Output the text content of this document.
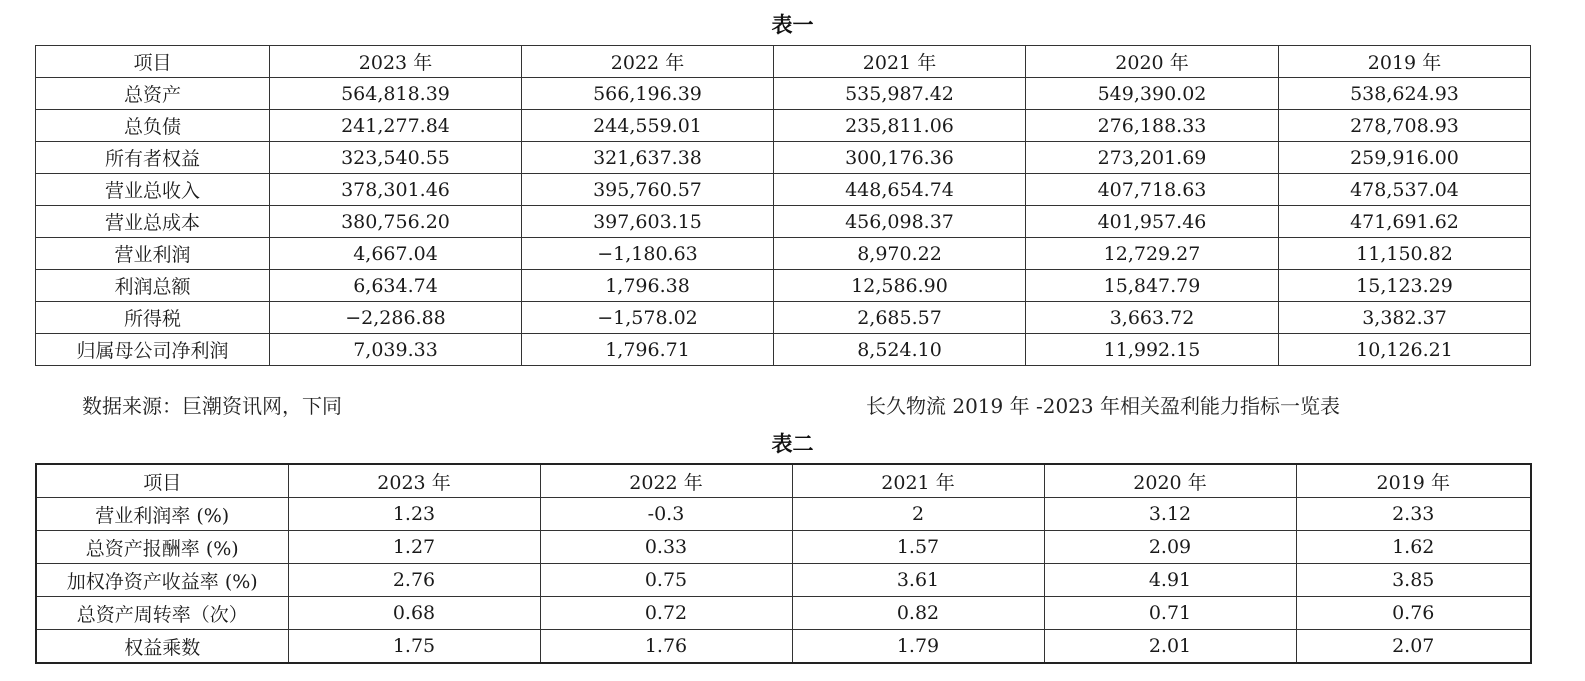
表一
项目	2023 年	2022 年	2021 年	2020 年	2019 年
总资产	564,818.39	566,196.39	535,987.42	549,390.02	538,624.93
总负债	241,277.84	244,559.01	235,811.06	276,188.33	278,708.93
所有者权益	323,540.55	321,637.38	300,176.36	273,201.69	259,916.00
营业总收入	378,301.46	395,760.57	448,654.74	407,718.63	478,537.04
营业总成本	380,756.20	397,603.15	456,098.37	401,957.46	471,691.62
营业利润	4,667.04	−1,180.63	8,970.22	12,729.27	11,150.82
利润总额	6,634.74	1,796.38	12,586.90	15,847.79	15,123.29
所得税	−2,286.88	−1,578.02	2,685.57	3,663.72	3,382.37
归属母公司净利润	7,039.33	1,796.71	8,524.10	11,992.15	10,126.21
数据来源：巨潮资讯网，下同	长久物流 2019 年 -2023 年相关盈利能力指标一览表
表二
项目	2023 年	2022 年	2021 年	2020 年	2019 年
营业利润率 (%)	1.23	-0.3	2	3.12	2.33
总资产报酬率 (%)	1.27	0.33	1.57	2.09	1.62
加权净资产收益率 (%)	2.76	0.75	3.61	4.91	3.85
总资产周转率（次）	0.68	0.72	0.82	0.71	0.76
权益乘数	1.75	1.76	1.79	2.01	2.07
